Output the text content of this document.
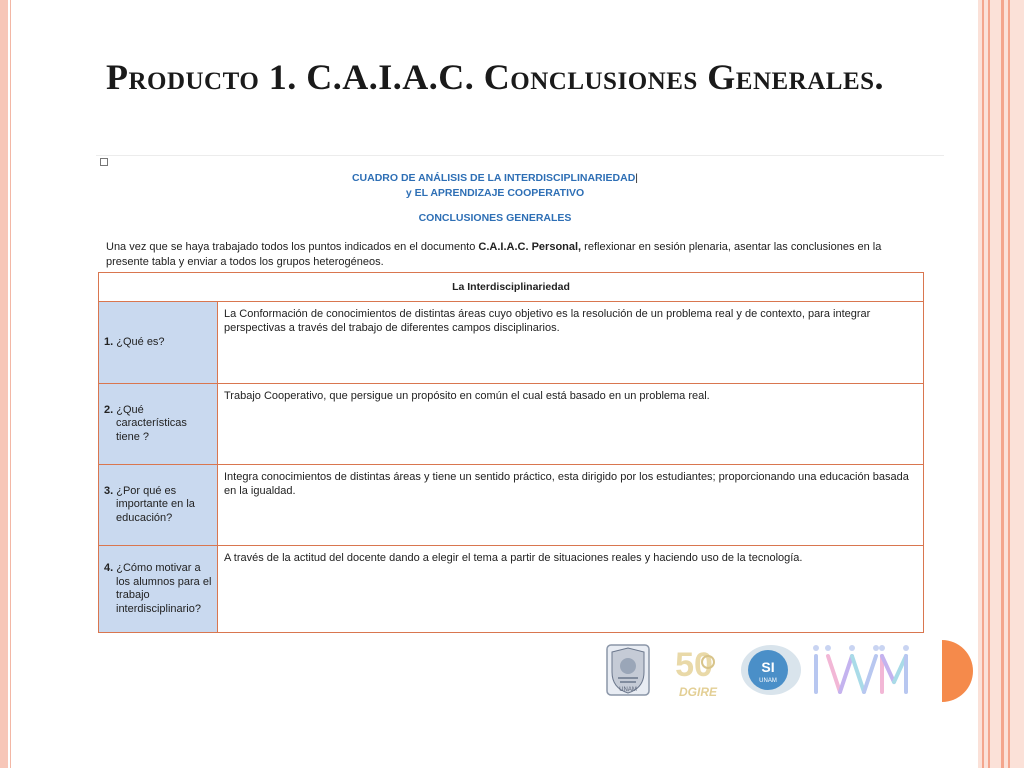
Producto 1. C.A.I.A.C. Conclusiones Generales.
CUADRO DE ANÁLISIS DE LA INTERDISCIPLINARIEDAD|
y EL APRENDIZAJE COOPERATIVO
CONCLUSIONES GENERALES
Una vez que se haya trabajado todos los puntos indicados en el documento C.A.I.A.C. Personal, reflexionar en sesión plenaria, asentar las conclusiones en la presente tabla y enviar a todos los grupos heterogéneos.
La Interdisciplinariedad	

1. ¿Qué es?	La Conformación de conocimientos de distintas áreas cuyo objetivo es la resolución de un problema real y de contexto, para integrar perspectivas a través del trabajo de diferentes campos disciplinarios.

2. ¿Qué características tiene ?	Trabajo Cooperativo, que persigue un propósito en común el cual está basado en un problema real.

3. ¿Por qué es importante en la educación?	Integra conocimientos de distintas áreas y tiene un sentido práctico, esta dirigido por los estudiantes; proporcionando una educación basada en la igualdad.

4. ¿Cómo motivar a los alumnos para el trabajo interdisciplinario?	A través de la actitud del docente dando a elegir el tema a partir de situaciones reales y haciendo uso de la tecnología.
UNAM
50
DGIRE
SI
UNAM
IWM
